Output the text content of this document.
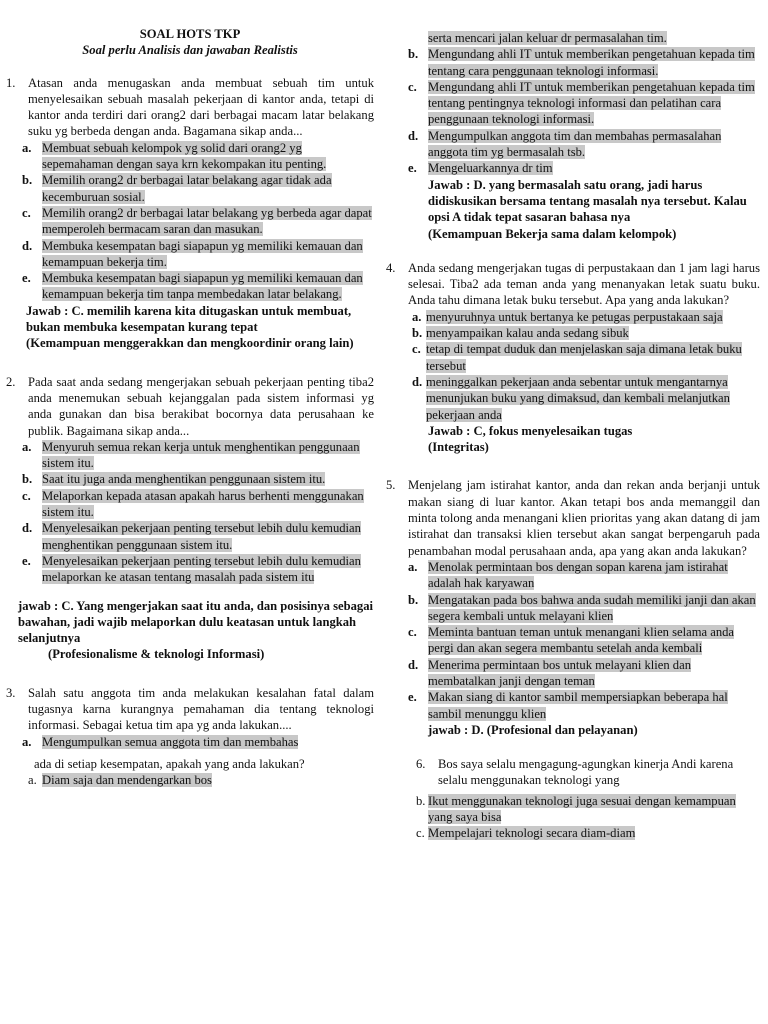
SOAL HOTS TKP
Soal perlu Analisis dan jawaban Realistis
1. Atasan anda menugaskan anda membuat sebuah tim untuk menyelesaikan sebuah masalah pekerjaan di kantor anda, tetapi di kantor anda terdiri dari orang2 dari berbagai macam latar belakang suku yg berbeda dengan anda. Bagamana sikap anda...
a. Membuat sebuah kelompok yg solid dari orang2 yg sepemahaman dengan saya krn kekompakan itu penting.
b. Memilih orang2 dr berbagai latar belakang agar tidak ada kecemburuan sosial.
c. Memilih orang2 dr berbagai latar belakang yg berbeda agar dapat memperoleh bermacam saran dan masukan.
d. Membuka kesempatan bagi siapapun yg memiliki kemauan dan kemampuan bekerja tim.
e. Membuka kesempatan bagi siapapun yg memiliki kemauan dan kemampuan bekerja tim tanpa membedakan latar belakang.
Jawab : C. memilih karena kita ditugaskan untuk membuat, bukan membuka kesempatan kurang tepat
(Kemampuan menggerakkan dan mengkoordinir orang lain)
2. Pada saat anda sedang mengerjakan sebuah pekerjaan penting tiba2 anda menemukan sebuah kejanggalan pada sistem informasi yg anda gunakan dan bisa berakibat bocornya data perusahaan ke publik. Bagaimana sikap anda...
a. Menyuruh semua rekan kerja untuk menghentikan penggunaan sistem itu.
b. Saat itu juga anda menghentikan penggunaan sistem itu.
c. Melaporkan kepada atasan apakah harus berhenti menggunakan sistem itu.
d. Menyelesaikan pekerjaan penting tersebut lebih dulu kemudian menghentikan penggunaan sistem itu.
e. Menyelesaikan pekerjaan penting tersebut lebih dulu kemudian melaporkan ke atasan tentang masalah pada sistem itu
jawab : C. Yang mengerjakan saat itu anda, dan posisinya sebagai bawahan, jadi wajib melaporkan dulu keatasan untuk langkah selanjutnya
(Profesionalisme & teknologi Informasi)
3. Salah satu anggota tim anda melakukan kesalahan fatal dalam tugasnya karna kurangnya pemahaman dia tentang teknologi informasi. Sebagai ketua tim apa yg anda lakukan....
a. Mengumpulkan semua anggota tim dan membahas
ada di setiap kesempatan, apakah yang anda lakukan?
a. Diam saja dan mendengarkan bos
serta mencari jalan keluar dr permasalahan tim.
b. Mengundang ahli IT untuk memberikan pengetahuan kepada tim tentang cara penggunaan teknologi informasi.
c. Mengundang ahli IT untuk memberikan pengetahuan kepada tim tentang pentingnya teknologi informasi dan pelatihan cara penggunaan teknologi informasi.
d. Mengumpulkan anggota tim dan membahas permasalahan anggota tim yg bermasalah tsb.
e. Mengeluarkannya dr tim
Jawab : D. yang bermasalah satu orang, jadi harus didiskusikan bersama tentang masalah nya tersebut. Kalau opsi A tidak tepat sasaran bahasa nya
(Kemampuan Bekerja sama dalam kelompok)
4. Anda sedang mengerjakan tugas di perpustakaan dan 1 jam lagi harus selesai. Tiba2 ada teman anda yang menanyakan letak suatu buku. Anda tahu dimana letak buku tersebut. Apa yang anda lakukan?
a. menyuruhnya untuk bertanya ke petugas perpustakaan saja
b. menyampaikan kalau anda sedang sibuk
c. tetap di tempat duduk dan menjelaskan saja dimana letak buku tersebut
d. meninggalkan pekerjaan anda sebentar untuk mengantarnya menunjukan buku yang dimaksud, dan kembali melanjutkan pekerjaan anda
Jawab : C, fokus menyelesaikan tugas
(Integritas)
5. Menjelang jam istirahat kantor, anda dan rekan anda berjanji untuk makan siang di luar kantor. Akan tetapi bos anda memanggil dan minta tolong anda menangani klien prioritas yang akan datang di jam istirahat dan transaksi klien tersebut akan sangat berpengaruh pada penambahan modal perusahaan anda, apa yang akan anda lakukan?
a. Menolak permintaan bos dengan sopan karena jam istirahat adalah hak karyawan
b. Mengatakan pada bos bahwa anda sudah memiliki janji dan akan segera kembali untuk melayani klien
c. Meminta bantuan teman untuk menangani klien selama anda pergi dan akan segera membantu setelah anda kembali
d. Menerima permintaan bos untuk melayani klien dan membatalkan janji dengan teman
e. Makan siang di kantor sambil mempersiapkan beberapa hal sambil menunggu klien
jawab : D. (Profesional dan pelayanan)
6. Bos saya selalu mengagung-agungkan kinerja Andi karena selalu menggunakan teknologi yang
b. Ikut menggunakan teknologi juga sesuai dengan kemampuan yang saya bisa
c. Mempelajari teknologi secara diam-diam
